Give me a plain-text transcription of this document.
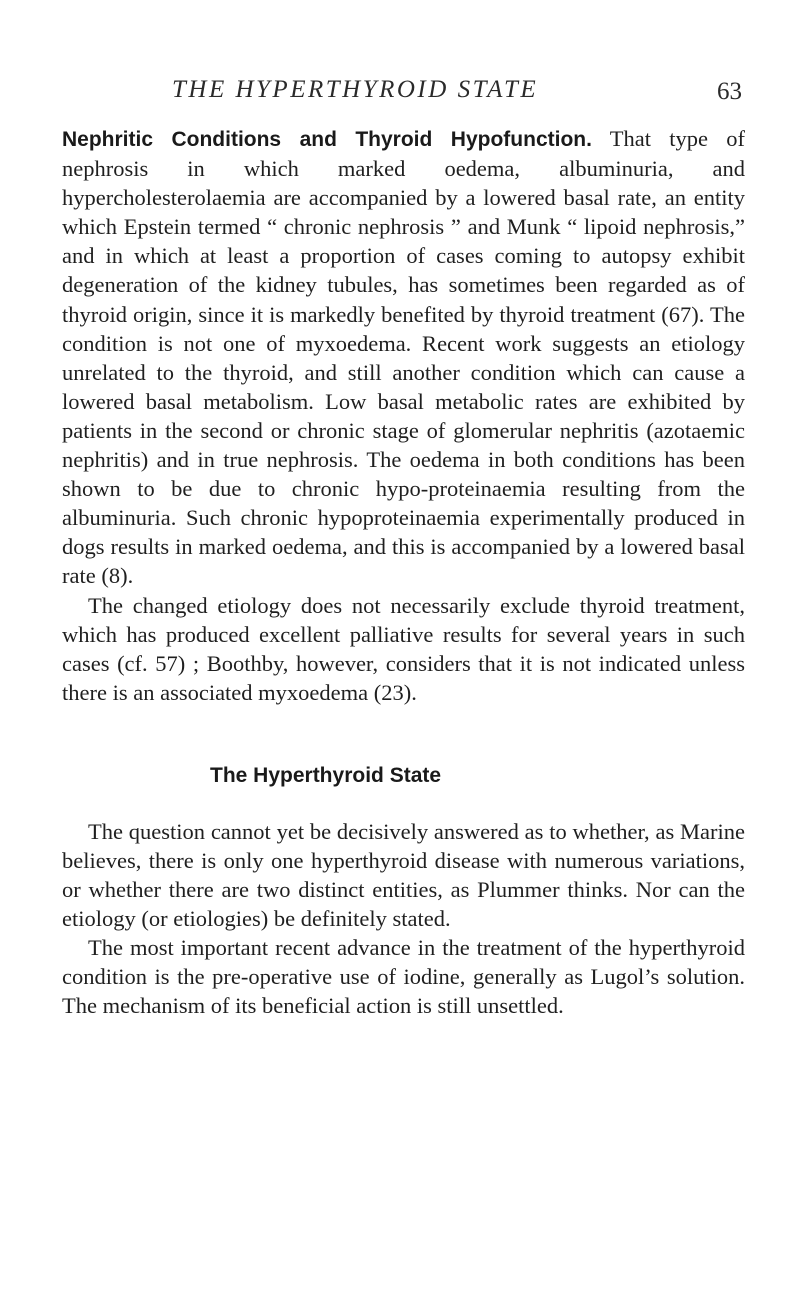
THE HYPERTHYROID STATE	63

Nephritic Conditions and Thyroid Hypofunction. That type of nephrosis in which marked oedema, albuminuria, and hypercholesterolaemia are accompanied by a lowered basal rate, an entity which Epstein termed “ chronic nephrosis ” and Munk “ lipoid nephrosis,” and in which at least a proportion of cases coming to autopsy exhibit degeneration of the kidney tubules, has sometimes been regarded as of thyroid origin, since it is markedly benefited by thyroid treatment (67). The condition is not one of myxoedema. Recent work suggests an etiology unrelated to the thyroid, and still another condition which can cause a lowered basal metabolism. Low basal metabolic rates are exhibited by patients in the second or chronic stage of glomerular nephritis (azotaemic nephritis) and in true nephrosis. The oedema in both conditions has been shown to be due to chronic hypo-proteinaemia resulting from the albuminuria. Such chronic hypoproteinaemia experimentally produced in dogs results in marked oedema, and this is accompanied by a lowered basal rate (8).

The changed etiology does not necessarily exclude thyroid treatment, which has produced excellent palliative results for several years in such cases (cf. 57) ; Boothby, however, considers that it is not indicated unless there is an associated myxoedema (23).

The Hyperthyroid State

The question cannot yet be decisively answered as to whether, as Marine believes, there is only one hyperthyroid disease with numerous variations, or whether there are two distinct entities, as Plummer thinks. Nor can the etiology (or etiologies) be definitely stated.

The most important recent advance in the treatment of the hyperthyroid condition is the pre-operative use of iodine, generally as Lugol’s solution. The mechanism of its beneficial action is still unsettled.
